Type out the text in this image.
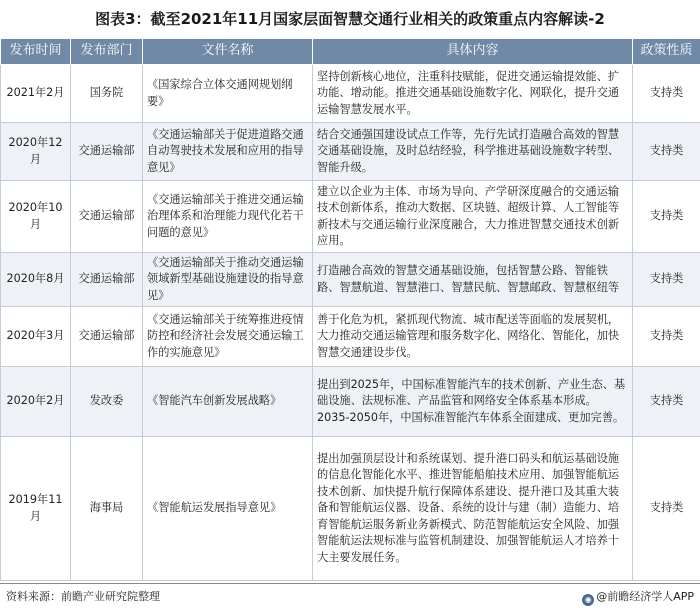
图表3：截至2021年11月国家层面智慧交通行业相关的政策重点内容解读-2
发布时间	发布部门	文件名称	具体内容	政策性质
2021年2月	国务院	《国家综合立体交通网规划纲要》	坚持创新核心地位，注重科技赋能，促进交通运输提效能、扩功能、增动能。推进交通基础设施数字化、网联化，提升交通运输智慧发展水平。	支持类
2020年12月	交通运输部	《交通运输部关于促进道路交通自动驾驶技术发展和应用的指导意见》	结合交通强国建设试点工作等，先行先试打造融合高效的智慧交通基础设施，及时总结经验，科学推进基础设施数字转型、智能升级。	支持类
2020年10月	交通运输部	《交通运输部关于推进交通运输治理体系和治理能力现代化若干问题的意见》	建立以企业为主体、市场为导向、产学研深度融合的交通运输技术创新体系，推动大数据、区块链、超级计算、人工智能等新技术与交通运输行业深度融合，大力推进智慧交通技术创新应用。	支持类
2020年8月	交通运输部	《交通运输部关于推动交通运输领域新型基础设施建设的指导意见》	打造融合高效的智慧交通基础设施，包括智慧公路、智能铁路、智慧航道、智慧港口、智慧民航、智慧邮政、智慧枢纽等	支持类
2020年3月	交通运输部	《交通运输部关于统筹推进疫情防控和经济社会发展交通运输工作的实施意见》	善于化危为机，紧抓现代物流、城市配送等面临的发展契机，大力推动交通运输管理和服务数字化、网络化、智能化，加快智慧交通建设步伐。	支持类
2020年2月	发改委	《智能汽车创新发展战略》	提出到2025年，中国标准智能汽车的技术创新、产业生态、基础设施、法规标准、产品监管和网络安全体系基本形成。2035-2050年，中国标准智能汽车体系全面建成、更加完善。	支持类
2019年11月	海事局	《智能航运发展指导意见》	提出加强顶层设计和系统谋划、提升港口码头和航运基础设施的信息化智能化水平、推进智能船舶技术应用、加强智能航运技术创新、加快提升航行保障体系建设、提升港口及其重大装备和智能航运仪器、设备、系统的设计与建（制）造能力、培育智能航运服务新业务新模式、防范智能航运安全风险、加强智能航运法规标准与监管机制建设、加强智能航运人才培养十大主要发展任务。	支持类
资料来源：前瞻产业研究院整理	◉ @前瞻经济学人APP
